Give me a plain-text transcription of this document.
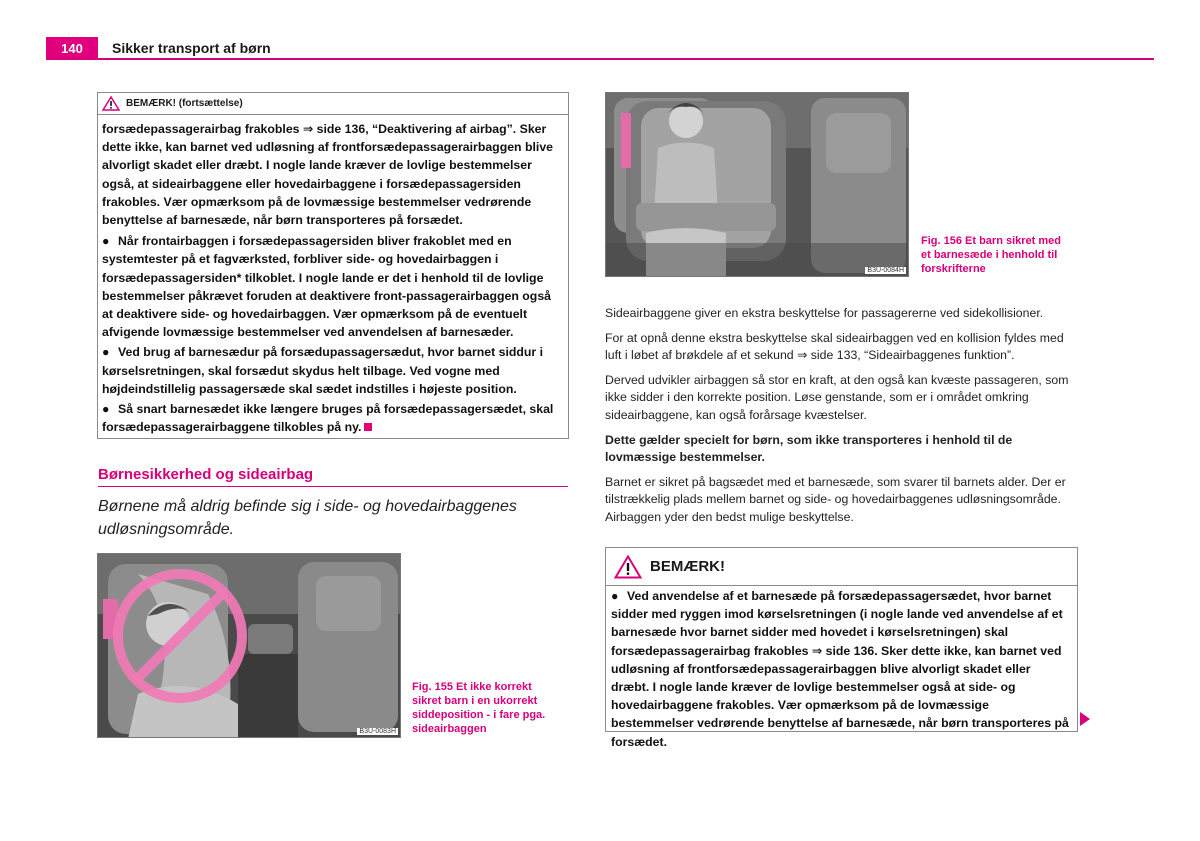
140	Sikker transport af børn
BEMÆRK! (fortsættelse)

forsædepassagerairbag frakobles ⇒ side 136, “Deaktivering af airbag”. Sker dette ikke, kan barnet ved udløsning af frontforsædepassagerairbaggen blive alvorligt skadet eller dræbt. I nogle lande kræver de lovlige bestemmelser også, at sideairbaggene eller hovedairbaggene i forsædepassagersiden frakobles. Vær opmærksom på de lovmæssige bestemmelser vedrørende benyttelse af barnesæde, når børn transporteres på forsædet.

● Når frontairbaggen i forsædepassagersiden bliver frakoblet med en systemtester på et fagværksted, forbliver side- og hovedairbaggen i forsædepassagersiden* tilkoblet. I nogle lande er det i henhold til de lovlige bestemmelser påkrævet foruden at deaktivere front-passagerairbaggen også at deaktivere side- og hovedairbaggen. Vær opmærksom på de eventuelt afvigende lovmæssige bestemmelser ved anvendelsen af barnesæder.

● Ved brug af barnesædur på forsædupassagersædut, hvor barnet siddur i kørselsretningen, skal forsædut skydus helt tilbage. Ved vogne med højdeindstillelig passagersæde skal sædet indstilles i højeste position.

● Så snart barnesædet ikke længere bruges på forsædepassagersædet, skal forsædepassagerairbaggene tilkobles på ny.

Børnesikkerhed og sideairbag
Børnene må aldrig befinde sig i side- og hovedairbaggenes udløsningsområde.
B3U-0083H
Fig. 155 Et ikke korrekt sikret barn i en ukorrekt siddeposition - i fare pga. sideairbaggen
B3U-0084H
Fig. 156 Et barn sikret med et barnesæde i henhold til forskrifterne

Sideairbaggene giver en ekstra beskyttelse for passagererne ved sidekollisioner.

For at opnå denne ekstra beskyttelse skal sideairbaggen ved en kollision fyldes med luft i løbet af brøkdele af et sekund ⇒ side 133, “Sideairbaggenes funktion”.

Derved udvikler airbaggen så stor en kraft, at den også kan kvæste passageren, som ikke sidder i den korrekte position. Løse genstande, som er i området omkring sideairbaggene, kan også forårsage kvæstelser.

Dette gælder specielt for børn, som ikke transporteres i henhold til de lovmæssige bestemmelser.

Barnet er sikret på bagsædet med et barnesæde, som svarer til barnets alder. Der er tilstrækkelig plads mellem barnet og side- og hovedairbaggenes udløsningsområde. Airbaggen yder den bedst mulige beskyttelse.

BEMÆRK!

● Ved anvendelse af et barnesæde på forsædepassagersædet, hvor barnet sidder med ryggen imod kørselsretningen (i nogle lande ved anvendelse af et barnesæde hvor barnet sidder med hovedet i kørselsretningen) skal forsædepassagerairbag frakobles ⇒ side 136. Sker dette ikke, kan barnet ved udløsning af frontforsædepassagerairbaggen blive alvorligt skadet eller dræbt. I nogle lande kræver de lovlige bestemmelser også at side- og hovedairbaggene frakobles. Vær opmærksom på de lovmæssige bestemmelser vedrørende benyttelse af barnesæde, når børn transporteres på forsædet.
